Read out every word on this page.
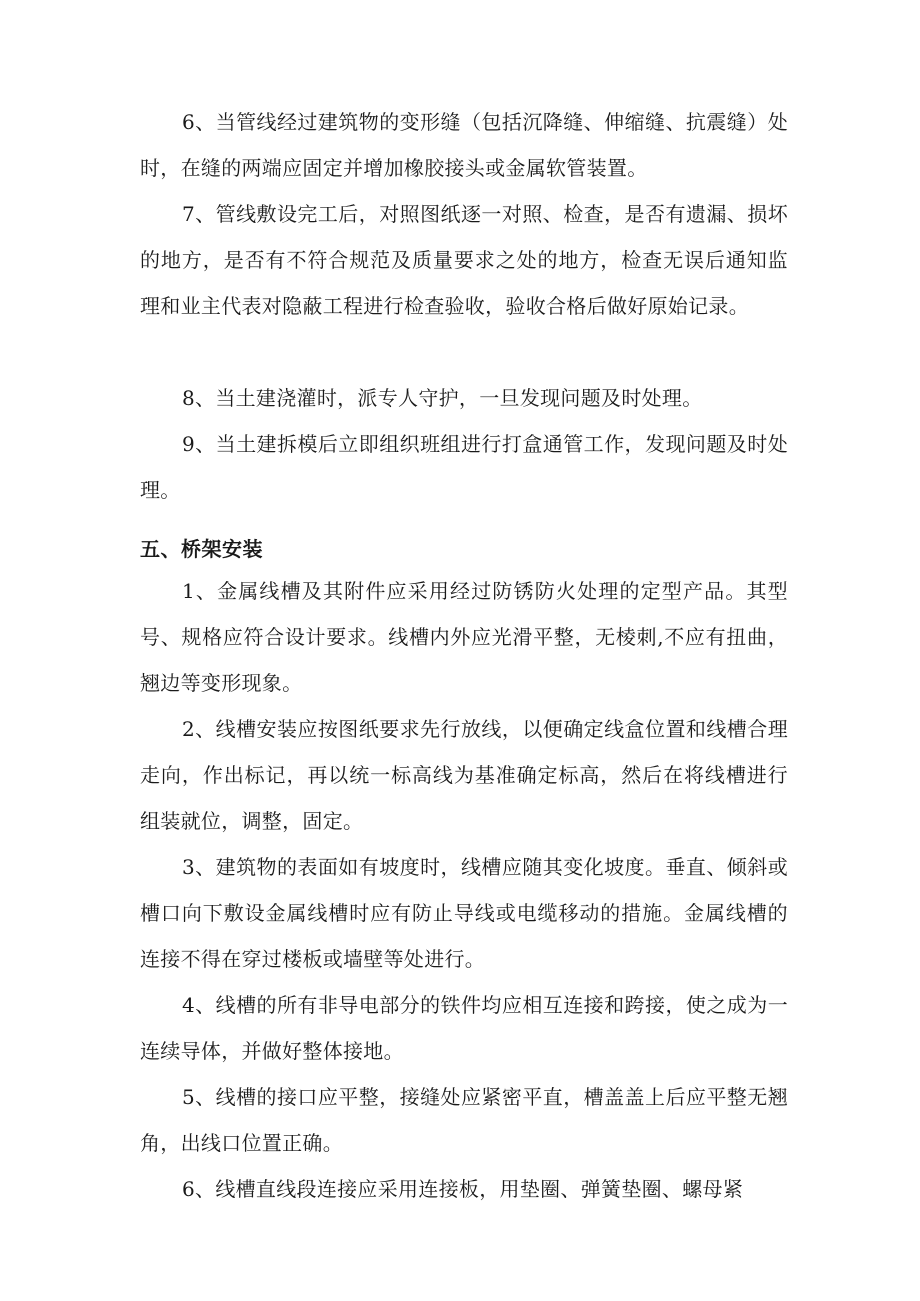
6、当管线经过建筑物的变形缝（包括沉降缝、伸缩缝、抗震缝）处时，在缝的两端应固定并增加橡胶接头或金属软管装置。

7、管线敷设完工后，对照图纸逐一对照、检查，是否有遗漏、损坏的地方，是否有不符合规范及质量要求之处的地方，检查无误后通知监理和业主代表对隐蔽工程进行检查验收，验收合格后做好原始记录。

8、当土建浇灌时，派专人守护，一旦发现问题及时处理。

9、当土建拆模后立即组织班组进行打盒通管工作，发现问题及时处理。

五、桥架安装

1、金属线槽及其附件应采用经过防锈防火处理的定型产品。其型号、规格应符合设计要求。线槽内外应光滑平整，无棱刺,不应有扭曲，翘边等变形现象。

2、线槽安装应按图纸要求先行放线，以便确定线盒位置和线槽合理走向，作出标记，再以统一标高线为基准确定标高，然后在将线槽进行组装就位，调整，固定。

3、建筑物的表面如有坡度时，线槽应随其变化坡度。垂直、倾斜或槽口向下敷设金属线槽时应有防止导线或电缆移动的措施。金属线槽的连接不得在穿过楼板或墙壁等处进行。

4、线槽的所有非导电部分的铁件均应相互连接和跨接，使之成为一连续导体，并做好整体接地。

5、线槽的接口应平整，接缝处应紧密平直，槽盖盖上后应平整无翘角，出线口位置正确。

6、线槽直线段连接应采用连接板，用垫圈、弹簧垫圈、螺母紧
